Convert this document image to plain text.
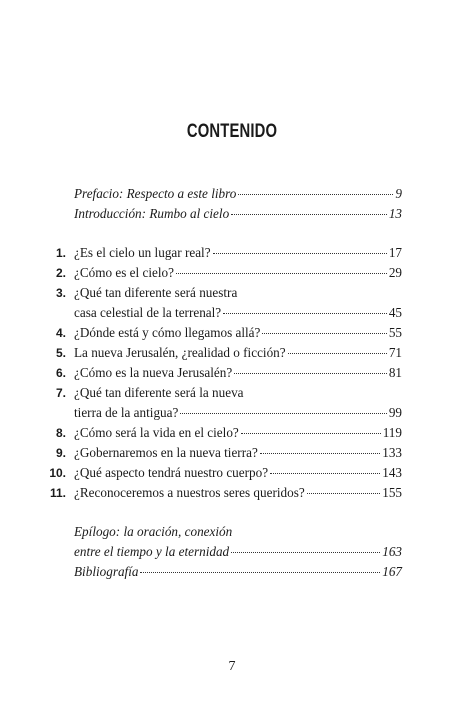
CONTENIDO
Prefacio: Respecto a este libro	9
Introducción: Rumbo al cielo	13
1. ¿Es el cielo un lugar real?	17
2. ¿Cómo es el cielo?	29
3. ¿Qué tan diferente será nuestra
casa celestial de la terrenal?	45
4. ¿Dónde está y cómo llegamos allá?	55
5. La nueva Jerusalén, ¿realidad o ficción?	71
6. ¿Cómo es la nueva Jerusalén?	81
7. ¿Qué tan diferente será la nueva
tierra de la antigua?	99
8. ¿Cómo será la vida en el cielo?	119
9. ¿Gobernaremos en la nueva tierra?	133
10. ¿Qué aspecto tendrá nuestro cuerpo?	143
11. ¿Reconoceremos a nuestros seres queridos?	155
Epílogo: la oración, conexión
entre el tiempo y la eternidad	163
Bibliografía	167
7
